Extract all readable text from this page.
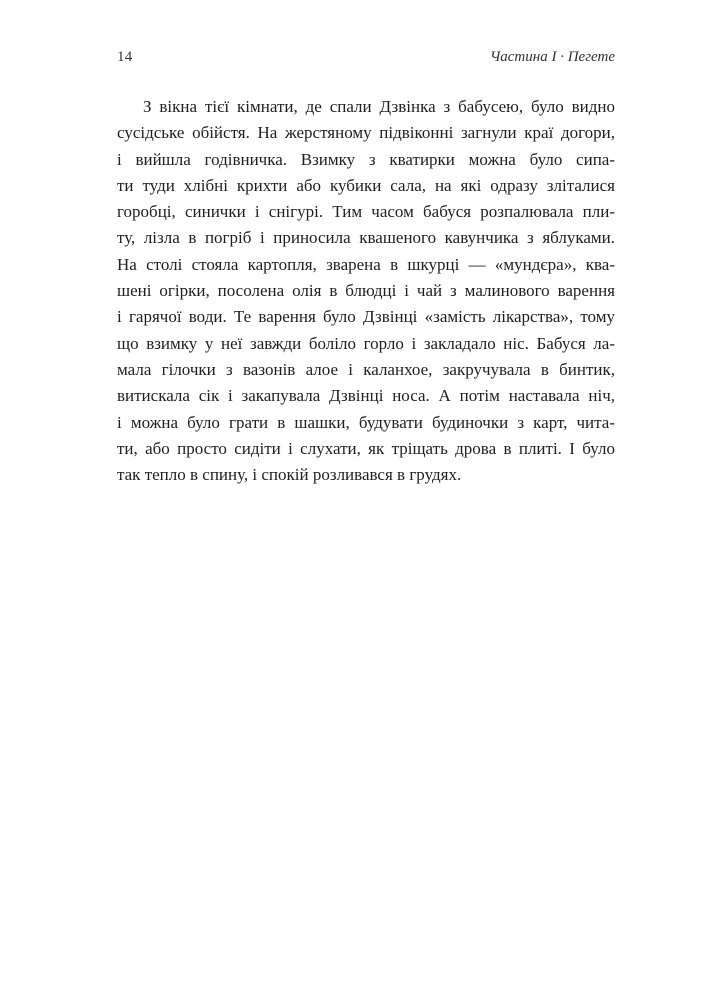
14	Частина І · Пегете
З вікна тієї кімнати, де спали Дзвінка з бабусею, було видно
сусідське обійстя. На жерстяному підвіконні загнули краї догори,
і вийшла годівничка. Взимку з кватирки можна було сипа-
ти туди хлібні крихти або кубики сала, на які одразу зліталися
горобці, синички і снігурі. Тим часом бабуся розпалювала пли-
ту, лізла в погріб і приносила квашеного кавунчика з яблуками.
На столі стояла картопля, зварена в шкурці — «мундєра», ква-
шені огірки, посолена олія в блюдці і чай з малинового варення
і гарячої води. Те варення було Дзвінці «замість лікарства», тому
що взимку у неї завжди боліло горло і закладало ніс. Бабуся ла-
мала гілочки з вазонів алое і каланхое, закручувала в бинтик,
витискала сік і закапувала Дзвінці носа. А потім наставала ніч,
і можна було грати в шашки, будувати будиночки з карт, чита-
ти, або просто сидіти і слухати, як тріщать дрова в плиті. І було
так тепло в спину, і спокій розливався в грудях.
